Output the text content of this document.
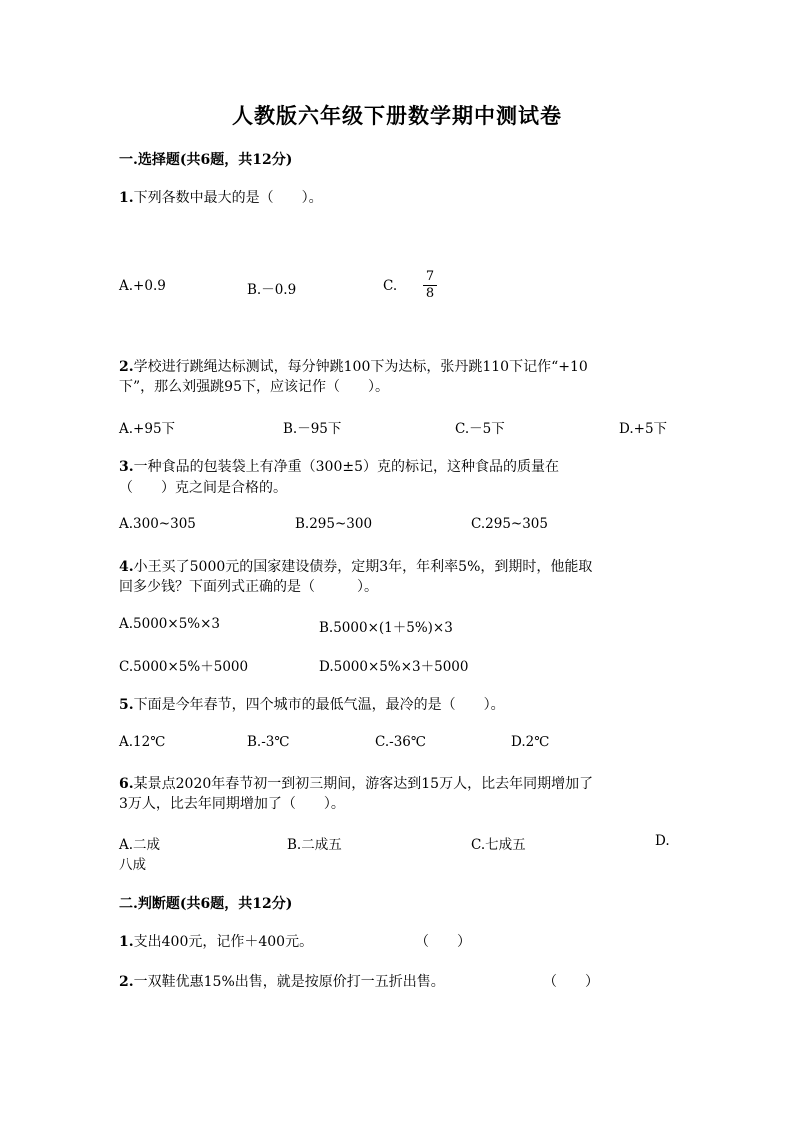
人教版六年级下册数学期中测试卷
一.选择题(共6题，共12分)
1.下列各数中最大的是（　　）。
A.+0.9	B.－0.9	C.
7
8
2.学校进行跳绳达标测试，每分钟跳100下为达标，张丹跳110下记作“+10
下”，那么刘强跳95下，应该记作（　　）。
A.+95下	B.－95下	C.－5下	D.+5下
3.一种食品的包装袋上有净重（300±5）克的标记，这种食品的质量在
（　　）克之间是合格的。
A.300~305	B.295~300	C.295~305
4.小王买了5000元的国家建设债券，定期3年，年利率5%，到期时，他能取
回多少钱？下面列式正确的是（　　　）。
A.5000×5%×3	B.5000×(1＋5%)×3
C.5000×5%＋5000	D.5000×5%×3＋5000
5.下面是今年春节，四个城市的最低气温，最冷的是（　　）。
A.12℃	B.-3℃	C.-36℃	D.2℃
6.某景点2020年春节初一到初三期间，游客达到15万人，比去年同期增加了
3万人，比去年同期增加了（　　）。
A.二成	B.二成五	C.七成五	D.
八成
二.判断题(共6题，共12分)
1.支出400元，记作＋400元。	（　　）
2.一双鞋优惠15%出售，就是按原价打一五折出售。	（　　）
